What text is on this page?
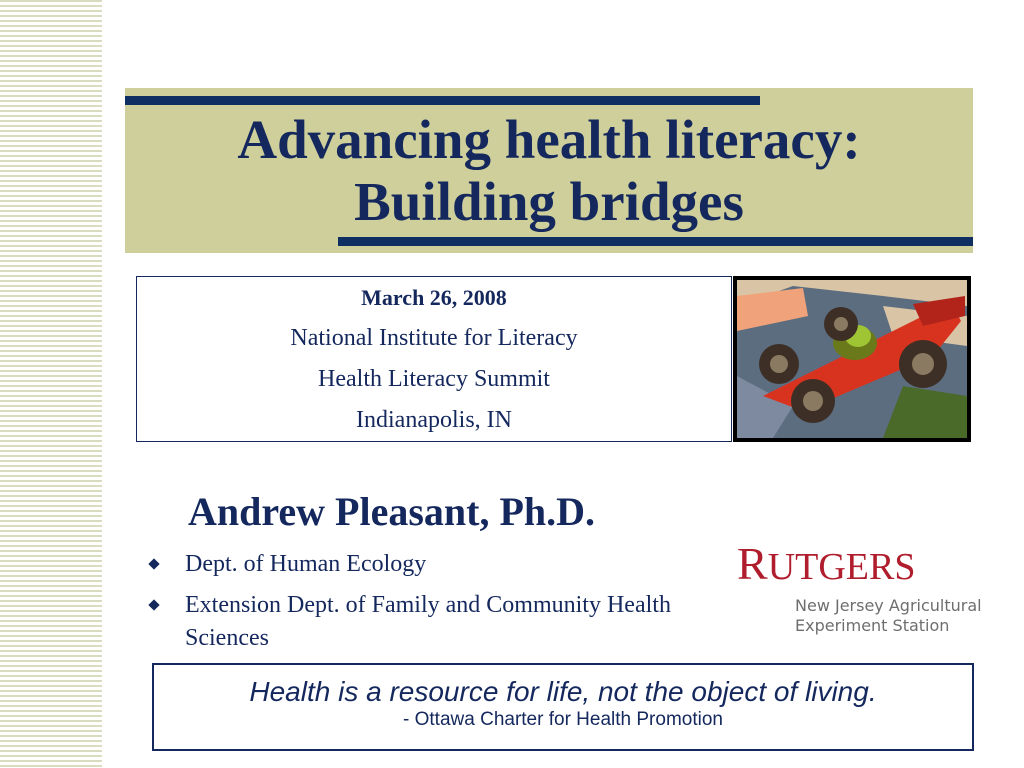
Advancing health literacy:
Building bridges
March 26, 2008
National Institute for Literacy
Health Literacy Summit
Indianapolis, IN
Andrew Pleasant, Ph.D.
Dept. of Human Ecology
Extension Dept. of Family and Community Health Sciences
RUTGERS
New Jersey Agricultural
Experiment Station
Health is a resource for life, not the object of living.
- Ottawa Charter for Health Promotion
